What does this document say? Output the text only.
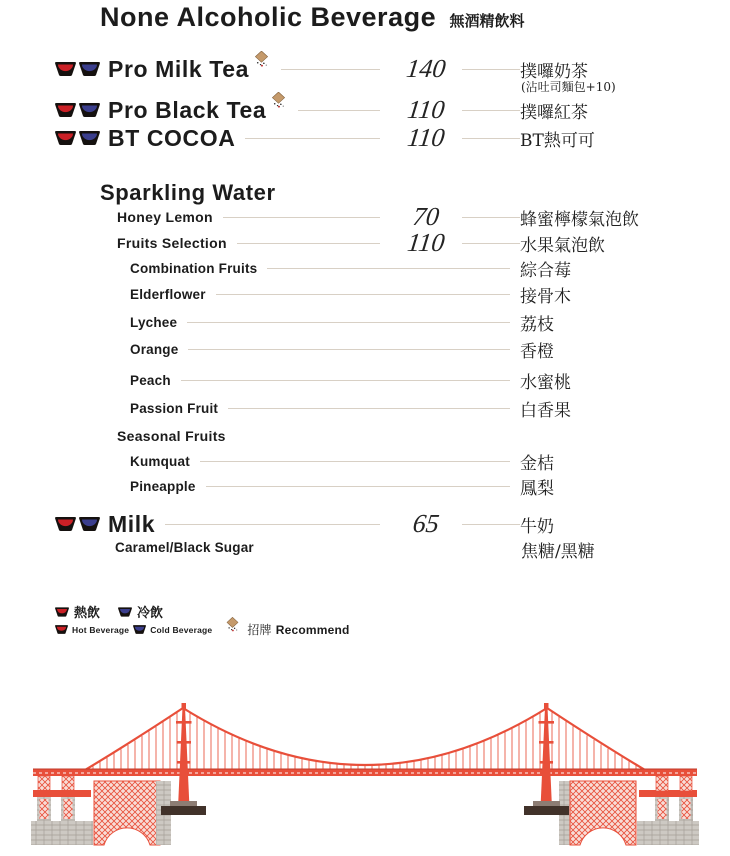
None Alcoholic Beverage 無酒精飲料
Pro Milk Tea	140	撲囉奶茶
(沾吐司麵包+10)
Pro Black Tea	110	撲囉紅茶
BT COCOA	110	BT熱可可
Sparkling Water
Honey Lemon	70	蜂蜜檸檬氣泡飲
Fruits Selection	110	水果氣泡飲
Combination Fruits	綜合莓
Elderflower	接骨木
Lychee	荔枝
Orange	香橙
Peach	水蜜桃
Passion Fruit	白香果
Seasonal Fruits
Kumquat	金桔
Pineapple	鳳梨
Milk	65	牛奶
Caramel/Black Sugar	焦糖/黑糖
熱飲	冷飲
Hot Beverage Cold Beverage	招牌 Recommend
